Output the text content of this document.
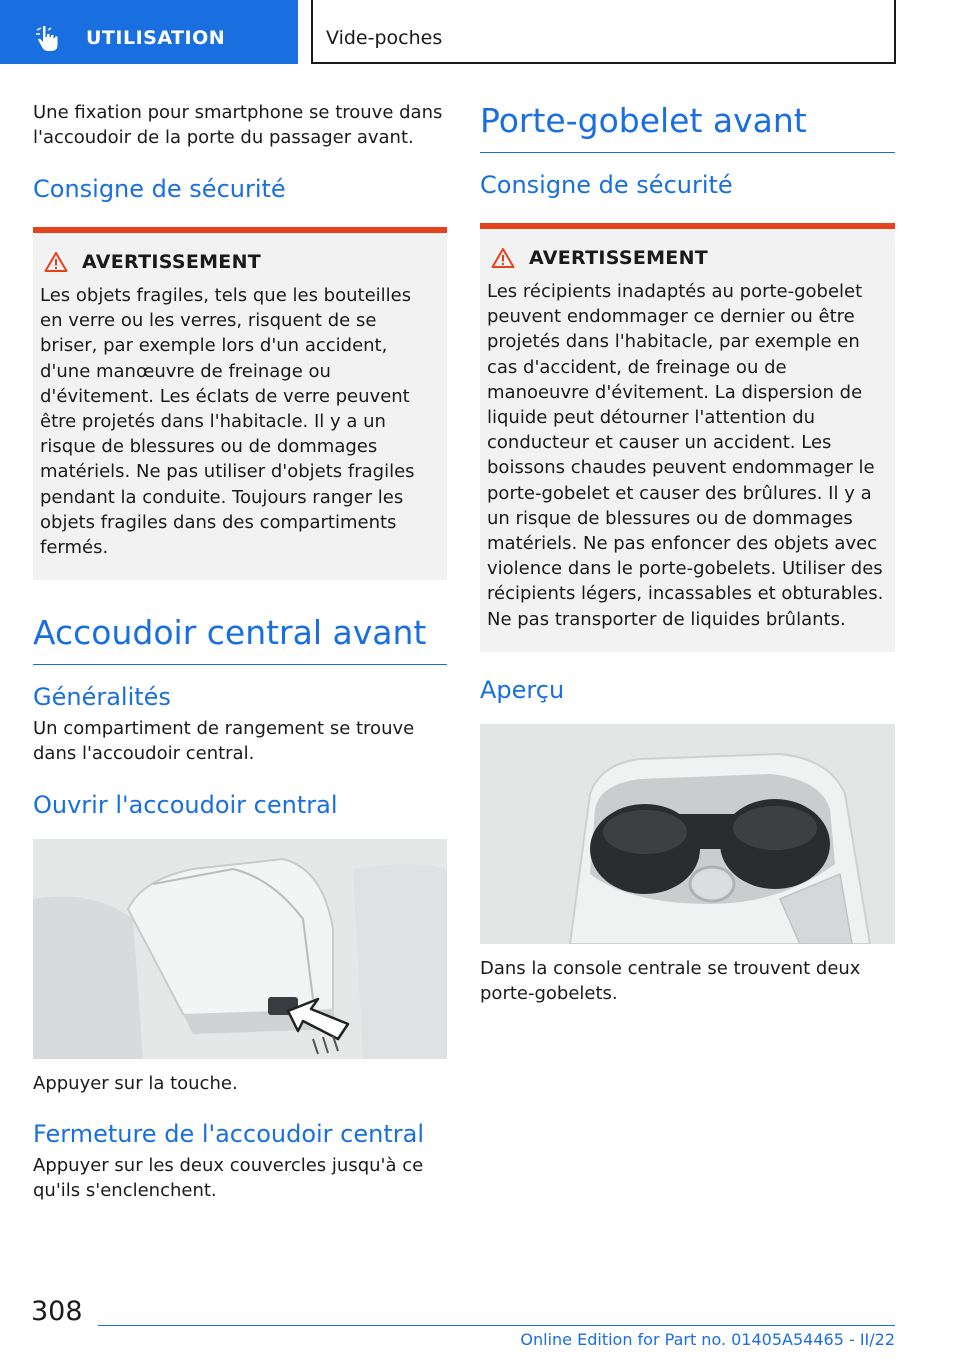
UTILISATION	Vide-poches

Une fixation pour smartphone se trouve dans l'accoudoir de la porte du passager avant.

Consigne de sécurité
AVERTISSEMENT

Les objets fragiles, tels que les bouteilles en verre ou les verres, risquent de se briser, par exemple lors d'un accident, d'une manœuvre de freinage ou d'évitement. Les éclats de verre peuvent être projetés dans l'habitacle. Il y a un risque de blessures ou de dommages matériels. Ne pas utiliser d'objets fragiles pendant la conduite. Toujours ranger les objets fragiles dans des compartiments fermés.

Accoudoir central avant
Généralités

Un compartiment de rangement se trouve dans l'accoudoir central.

Ouvrir l'accoudoir central

Appuyer sur la touche.

Fermeture de l'accoudoir central

Appuyer sur les deux couvercles jusqu'à ce qu'ils s'enclenchent.

Porte-gobelet avant
Consigne de sécurité
AVERTISSEMENT

Les récipients inadaptés au porte-gobelet peuvent endommager ce dernier ou être projetés dans l'habitacle, par exemple en cas d'accident, de freinage ou de manoeuvre d'évitement. La dispersion de liquide peut détourner l'attention du conducteur et causer un accident. Les boissons chaudes peuvent endommager le porte-gobelet et causer des brûlures. Il y a un risque de blessures ou de dommages matériels. Ne pas enfoncer des objets avec violence dans le porte-gobelets. Utiliser des récipients légers, incassables et obturables. Ne pas transporter de liquides brûlants.

Aperçu

Dans la console centrale se trouvent deux porte-gobelets.

308
Online Edition for Part no. 01405A54465 - II/22
